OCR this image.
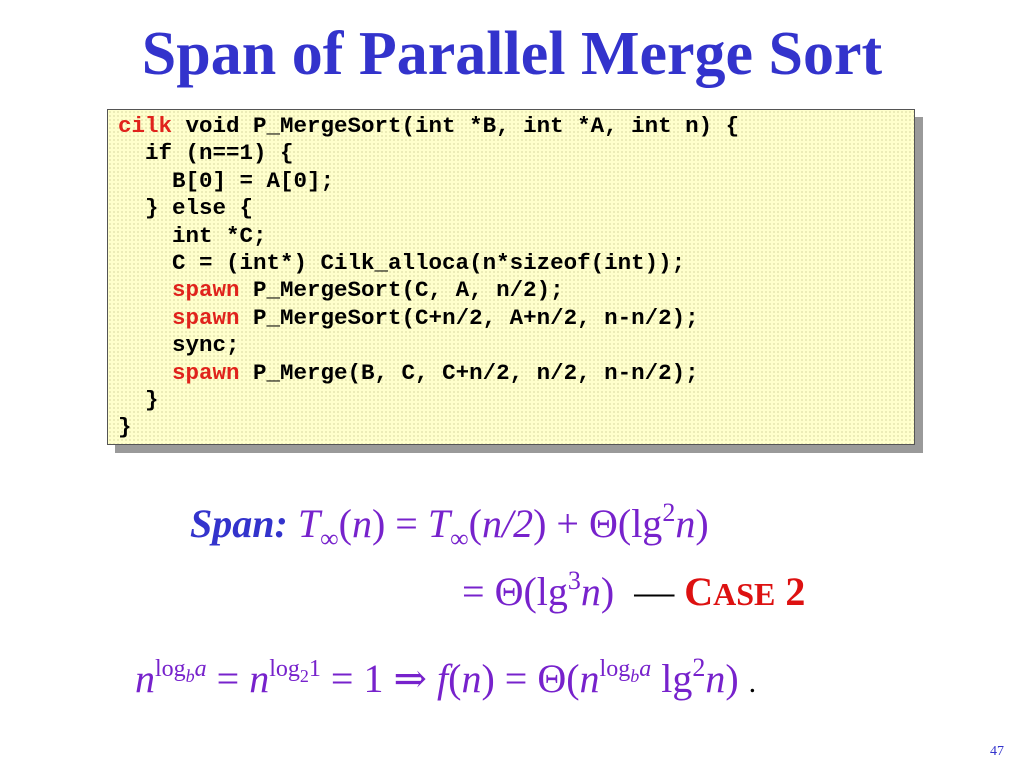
Span of Parallel Merge Sort
cilk void P_MergeSort(int *B, int *A, int n) {
if (n==1) {
B[0] = A[0];
} else {
int *C;
C = (int*) Cilk_alloca(n*sizeof(int));
spawn P_MergeSort(C, A, n/2);
spawn P_MergeSort(C+n/2, A+n/2, n-n/2);
sync;
spawn P_Merge(B, C, C+n/2, n/2, n-n/2);
}
}
Span: $T_\infty(n) = T_\infty(n/2) + \Theta(\lg^2n)$
= $\Theta(\lg^3n)$  — CASE 2
$n^{log_ba} = n^{log_21} = 1$ ⇒ $f(n) = \Theta(n^{log_ba}$ $\lg^2n$) .
47
